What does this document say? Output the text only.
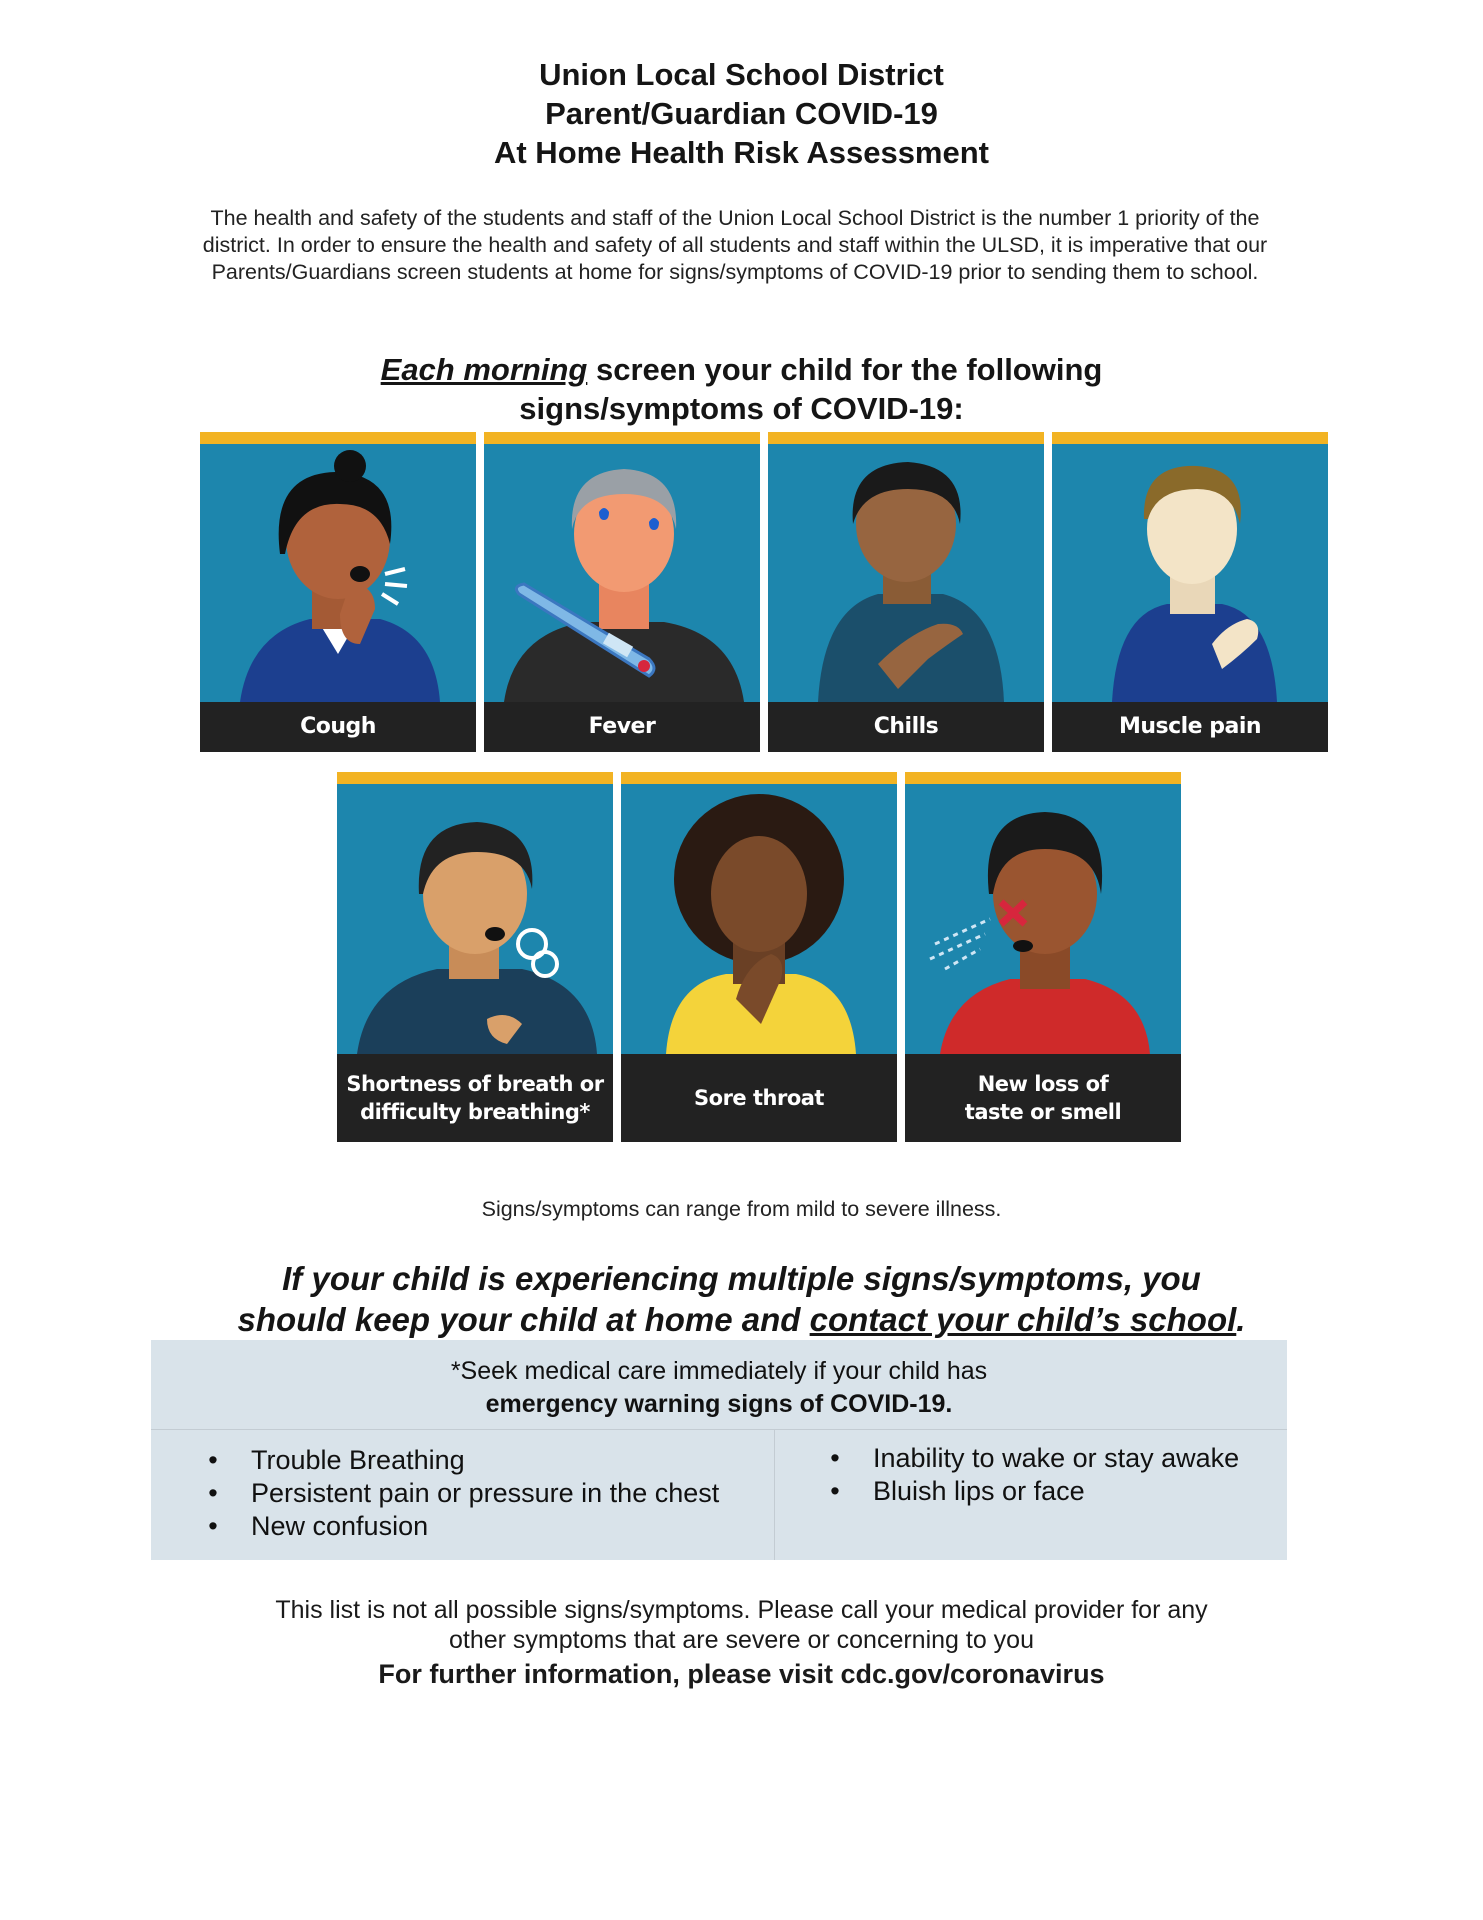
Union Local School District
Parent/Guardian COVID-19
At Home Health Risk Assessment
The health and safety of the students and staff of the Union Local School District is the number 1 priority of the district. In order to ensure the health and safety of all students and staff within the ULSD, it is imperative that our Parents/Guardians screen students at home for signs/symptoms of COVID-19 prior to sending them to school.
Each morning screen your child for the following
signs/symptoms of COVID-19:
Cough	Fever	Chills	Muscle pain
Shortness of breath or
difficulty breathing*
Sore throat
New loss of
taste or smell
Signs/symptoms can range from mild to severe illness.
If your child is experiencing multiple signs/symptoms, you
should keep your child at home and contact your child’s school.
*Seek medical care immediately if your child has
emergency warning signs of COVID-19.
• Trouble Breathing
• Persistent pain or pressure in the chest
• New confusion
• Inability to wake or stay awake
• Bluish lips or face
This list is not all possible signs/symptoms. Please call your medical provider for any
other symptoms that are severe or concerning to you
For further information, please visit cdc.gov/coronavirus
